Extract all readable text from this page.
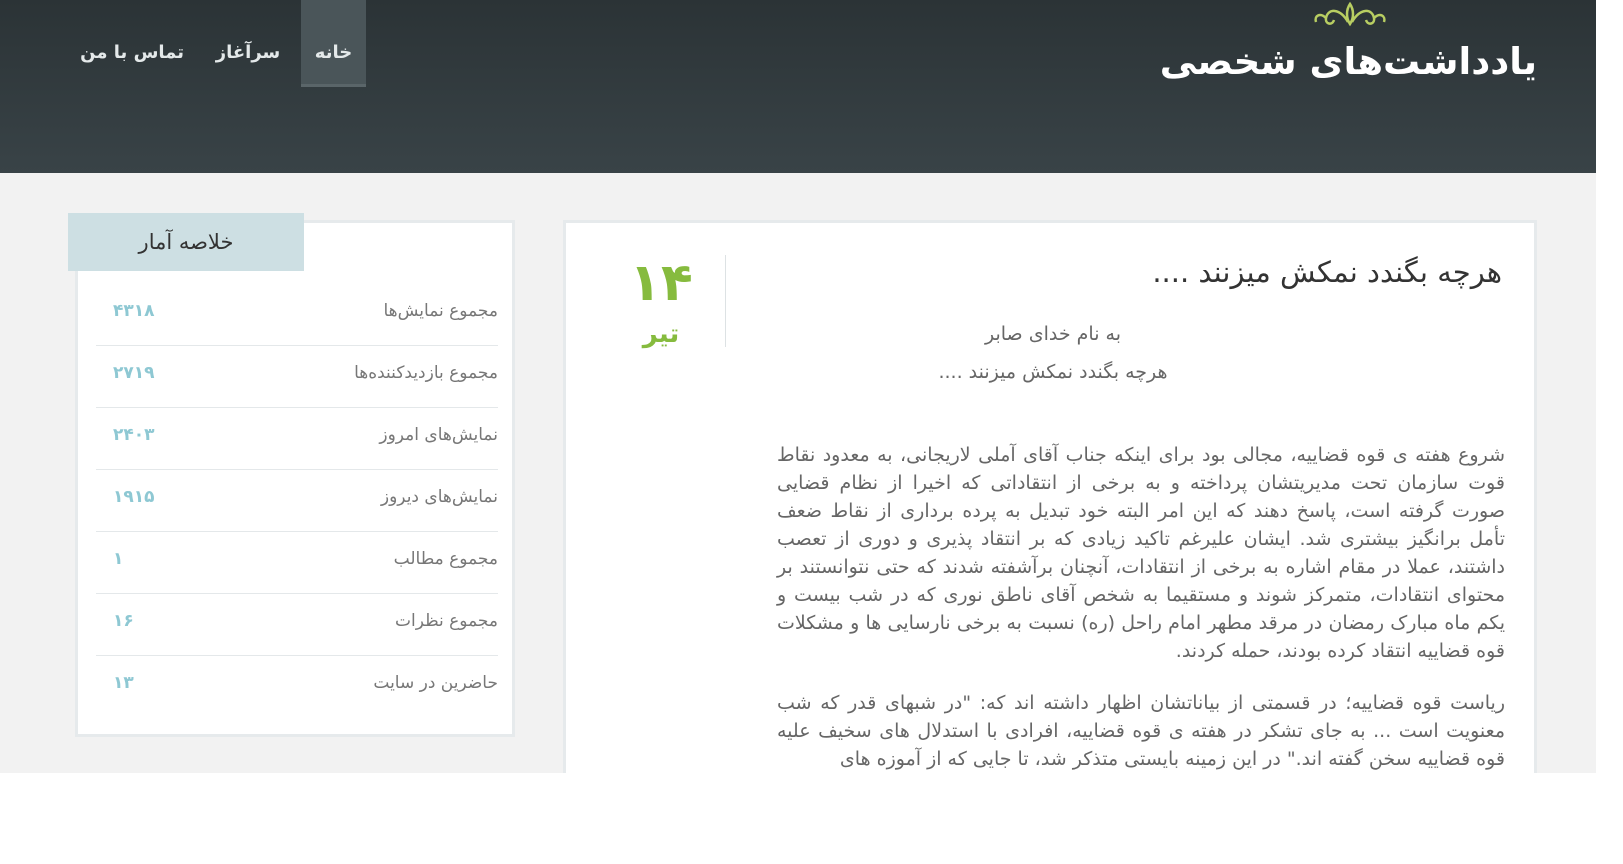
یادداشت‌های شخصی
خانه
سرآغاز
تماس با من
هرچه بگندد نمکش میزنند ....
۱۴
تیر	به نام خدای صابر
هرچه بگندد نمکش میزنند ....
شروع هفته ی قوه قضاییه، مجالی بود برای اینکه جناب آقای آملی لاریجانی، به معدود نقاط قوت سازمان تحت مدیریتشان پرداخته و به برخی از انتقاداتی که اخیرا از نظام قضایی صورت گرفته است، پاسخ دهند که این امر البته خود تبدیل به پرده برداری از نقاط ضعف تأمل برانگیز بیشتری شد. ایشان علیرغم تاکید زیادی که بر انتقاد پذیری و دوری از تعصب داشتند، عملا در مقام اشاره به برخی از انتقادات، آنچنان برآشفته شدند که حتی نتوانستند بر محتوای انتقادات، متمرکز شوند و مستقیما به شخص آقای ناطق نوری که در شب بیست و یکم ماه مبارک رمضان در مرقد مطهر امام راحل (ره) نسبت به برخی نارسایی ها و مشکلات قوه قضاییه انتقاد کرده بودند، حمله کردند.
ریاست قوه قضاییه؛ در قسمتی از بیاناتشان اظهار داشته اند که: "در شبهای قدر که شب معنویت است ... به جای تشکر در هفته ی قوه قضاییه، افرادی با استدلال های سخیف علیه قوه قضاییه سخن گفته اند." در این زمینه بایستی متذکر شد، تا جایی که از آموزه های
خلاصه آمار
مجموع نمایش‌ها
۴۳۱۸
مجموع بازدیدکننده‌ها
۲۷۱۹
نمایش‌های امروز
۲۴۰۳
نمایش‌های دیروز
۱۹۱۵
مجموع مطالب
۱
مجموع نظرات
۱۶
حاضرین در سایت
۱۳
